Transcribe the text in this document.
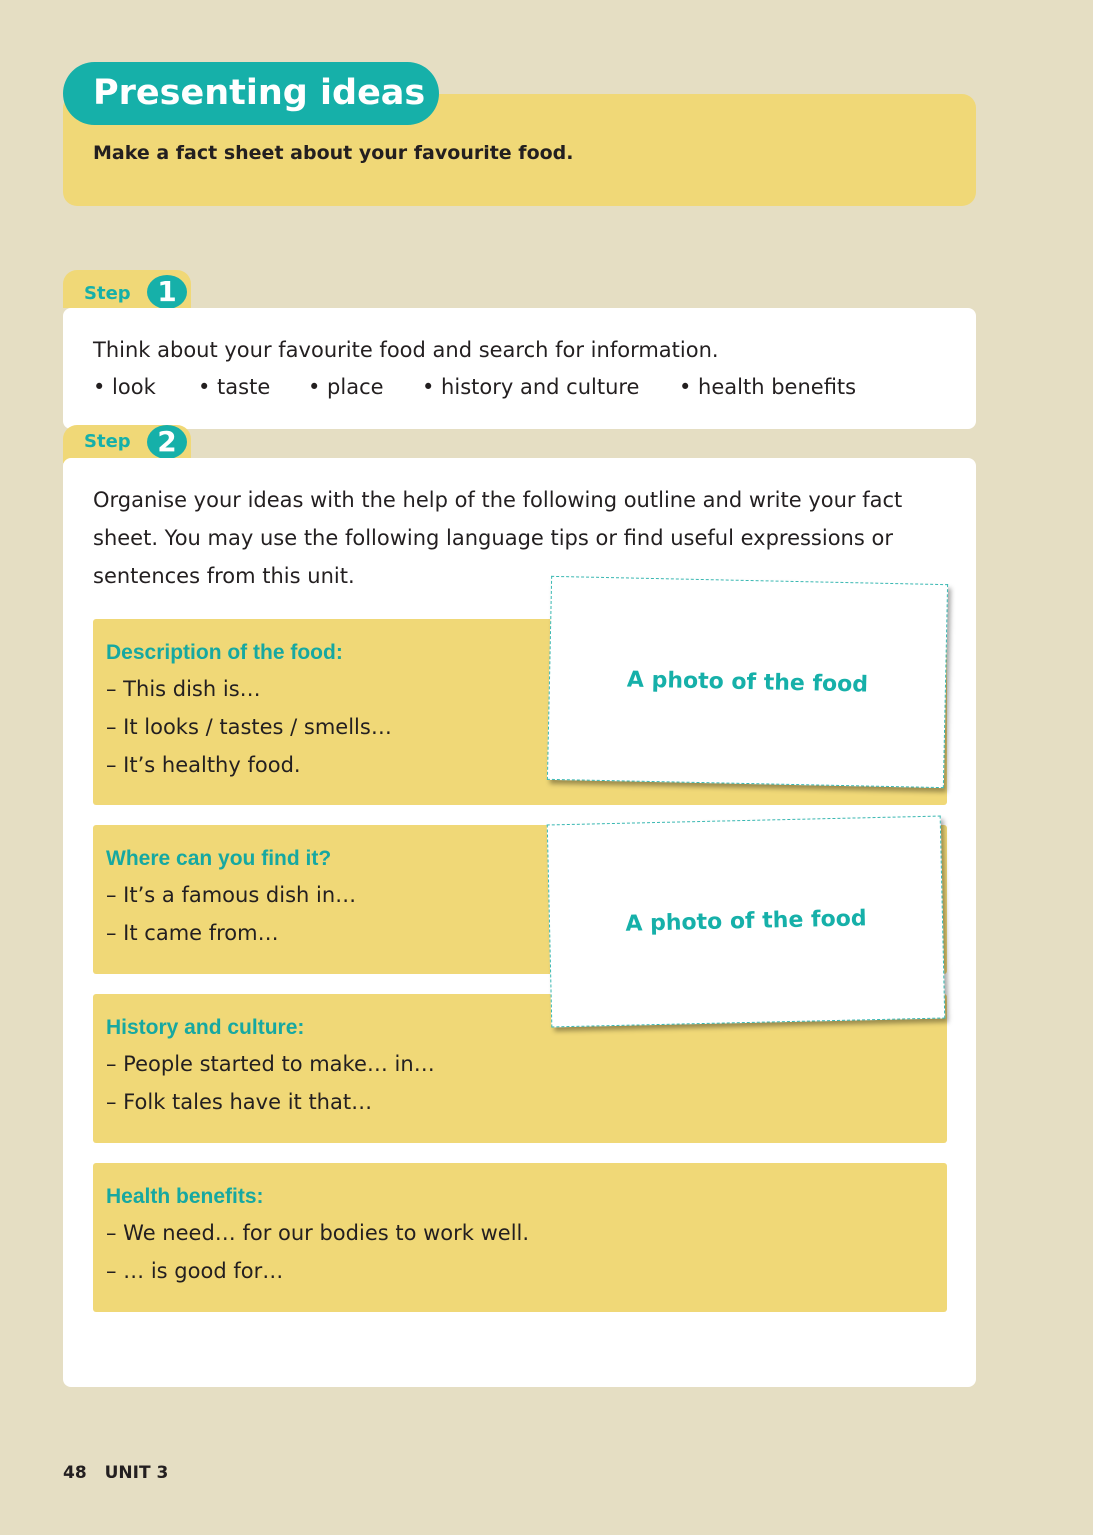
Presenting ideas
Make a fact sheet about your favourite food.
Step 1
Think about your favourite food and search for information.
• look • taste • place • history and culture • health benefits
Step 2
Organise your ideas with the help of the following outline and write your fact
sheet. You may use the following language tips or find useful expressions or
sentences from this unit.
Description of the food:
– This dish is…
– It looks / tastes / smells…
– It’s healthy food.
Where can you find it?
– It’s a famous dish in…
– It came from…
History and culture:
– People started to make… in…
– Folk tales have it that…
Health benefits:
– We need… for our bodies to work well.
– … is good for…
A photo of the food
A photo of the food
48 UNIT 3
